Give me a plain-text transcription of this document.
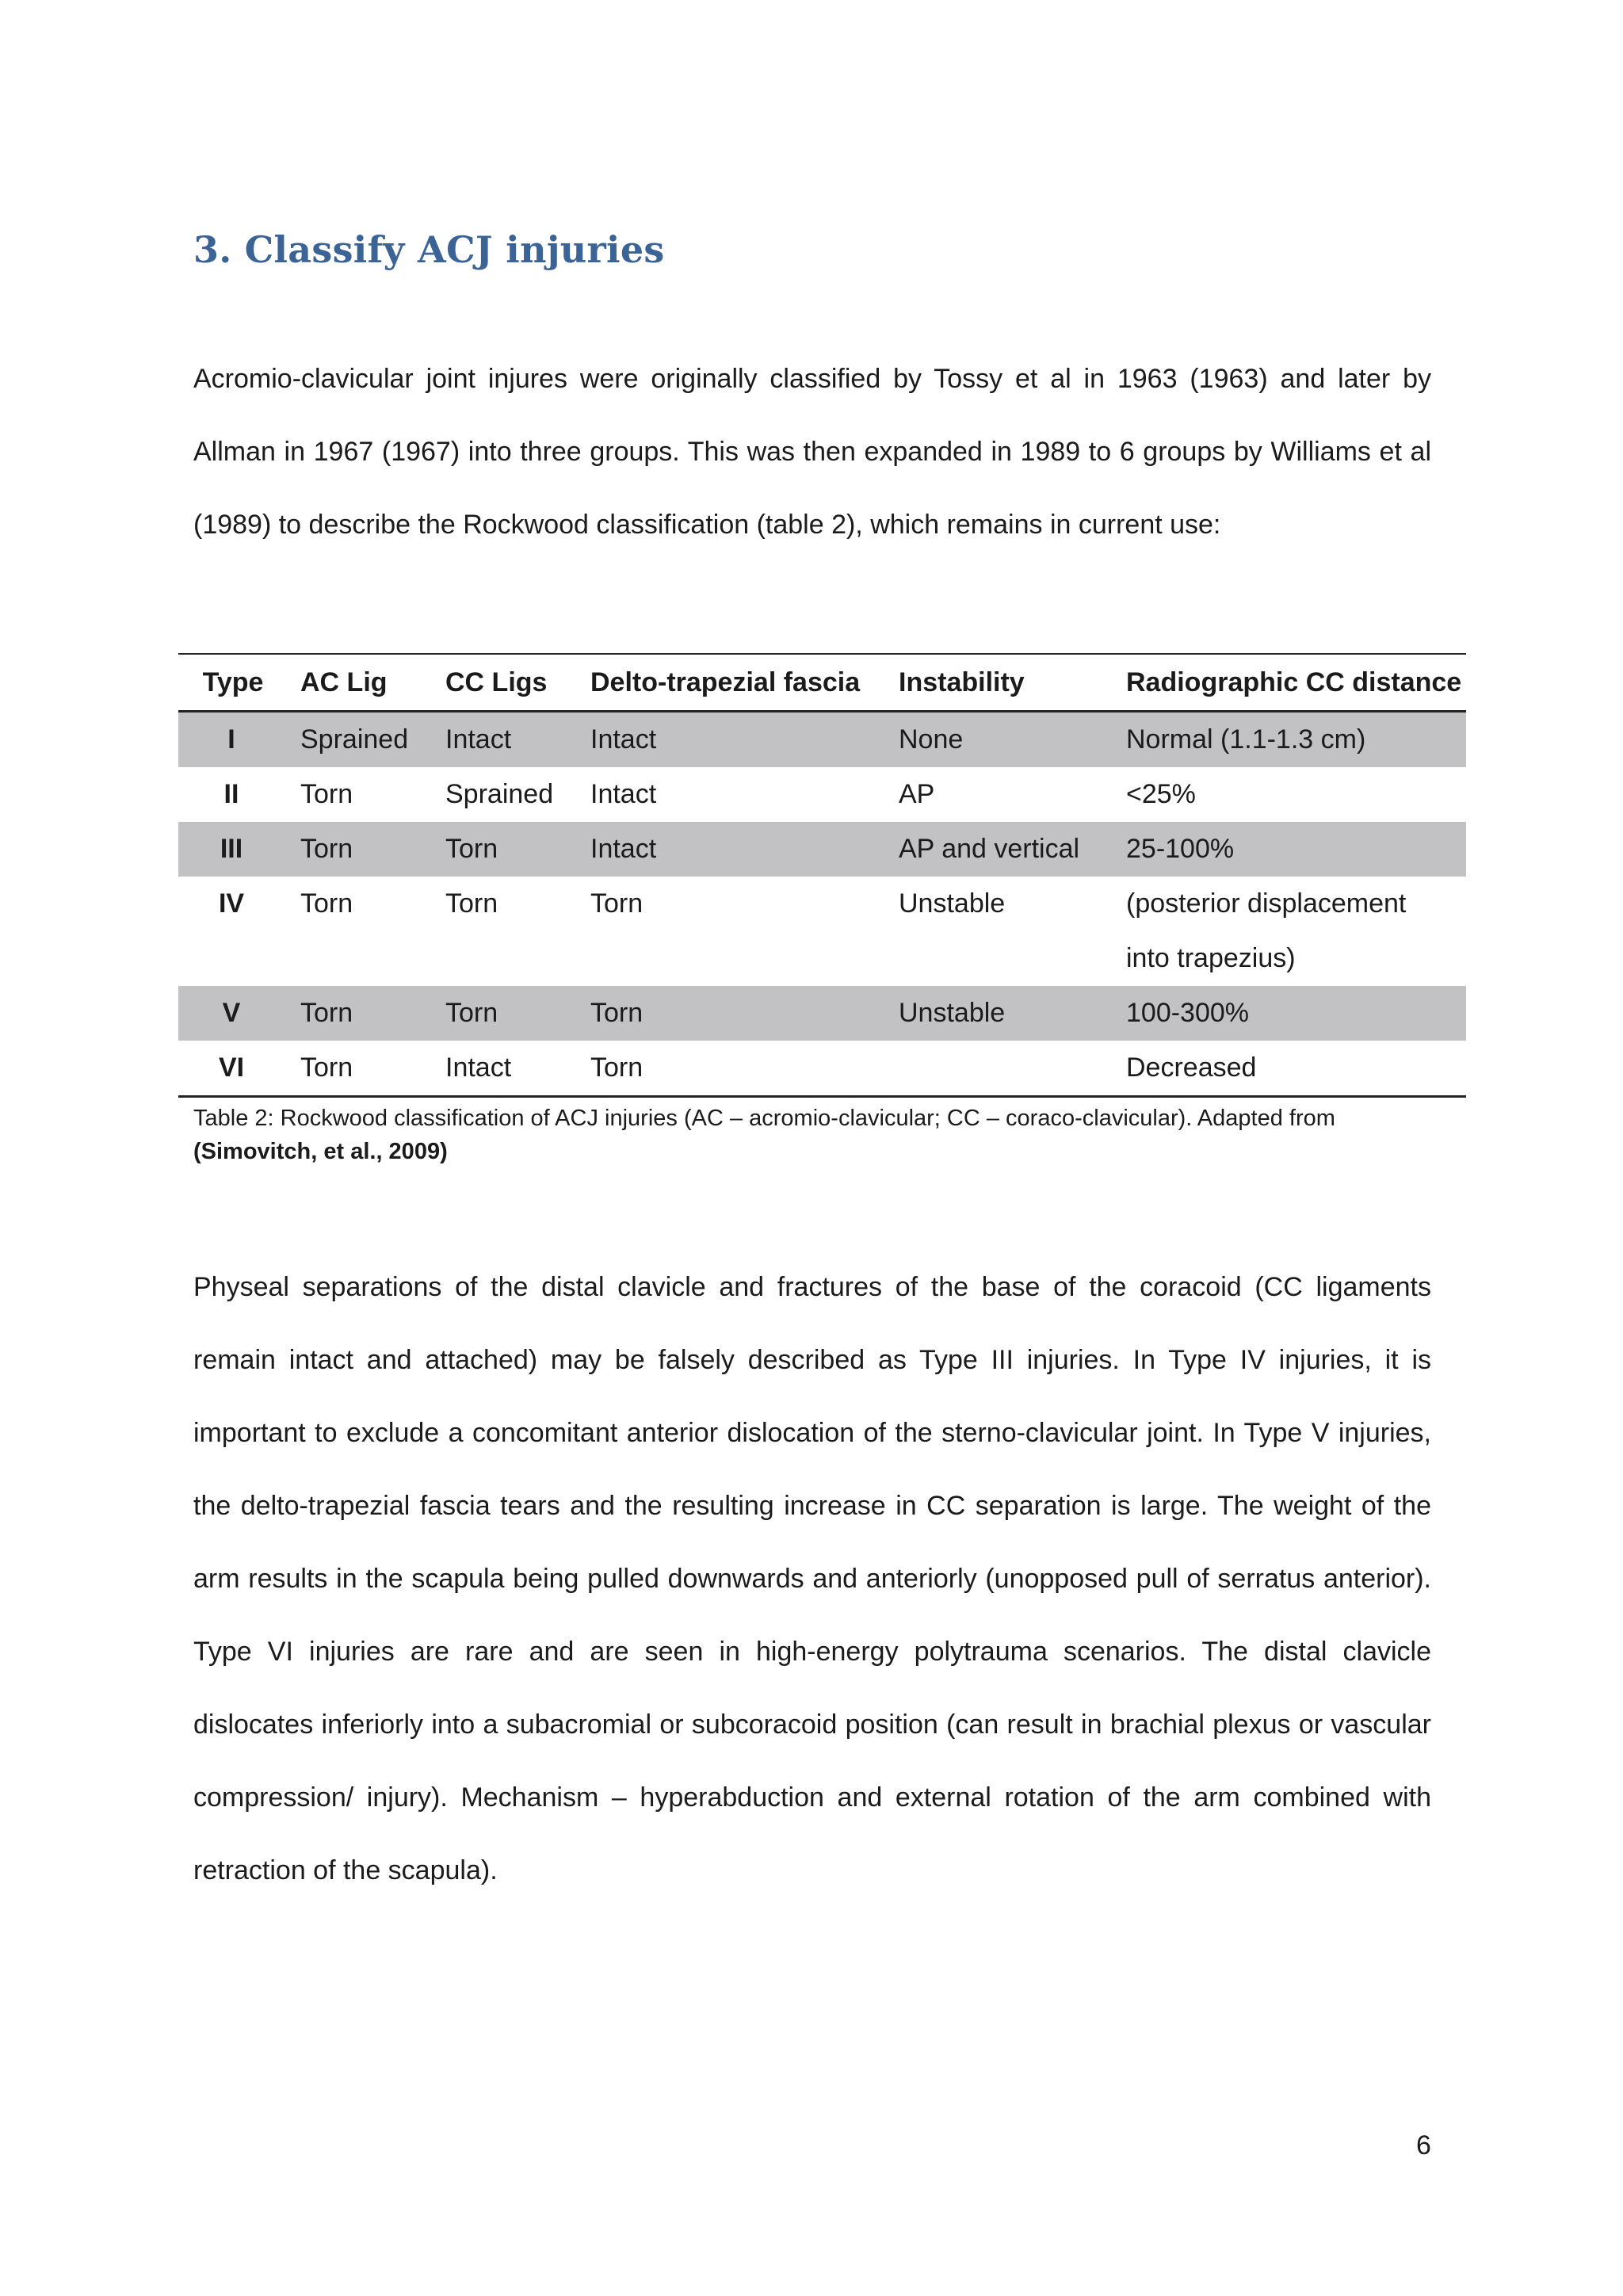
3. Classify ACJ injuries

Acromio-clavicular joint injures were originally classified by Tossy et al in 1963 (1963) and later by Allman in 1967 (1967) into three groups. This was then expanded in 1989 to 6 groups by Williams et al (1989) to describe the Rockwood classification (table 2), which remains in current use:

Type	AC Lig	CC Ligs	Delto-trapezial fascia	Instability	Radiographic CC distance
I	Sprained	Intact	Intact	None	Normal (1.1-1.3 cm)

II	Torn	Sprained	Intact	AP	<25%

III	Torn	Torn	Intact	AP and vertical	25-100%

IV	Torn	Torn	Torn	Unstable	(posterior displacement
into trapezius)

V	Torn	Torn	Torn	Unstable	100-300%

VI	Torn	Intact	Torn		Decreased

Table 2: Rockwood classification of ACJ injuries (AC – acromio-clavicular; CC – coraco-clavicular). Adapted from
(Simovitch, et al., 2009)

Physeal separations of the distal clavicle and fractures of the base of the coracoid (CC ligaments remain intact and attached) may be falsely described as Type III injuries. In Type IV injuries, it is important to exclude a concomitant anterior dislocation of the sterno-clavicular joint. In Type V injuries, the delto-trapezial fascia tears and the resulting increase in CC separation is large. The weight of the arm results in the scapula being pulled downwards and anteriorly (unopposed pull of serratus anterior). Type VI injuries are rare and are seen in high-energy polytrauma scenarios. The distal clavicle dislocates inferiorly into a subacromial or subcoracoid position (can result in brachial plexus or vascular compression/ injury). Mechanism – hyperabduction and external rotation of the arm combined with retraction of the scapula).

6
